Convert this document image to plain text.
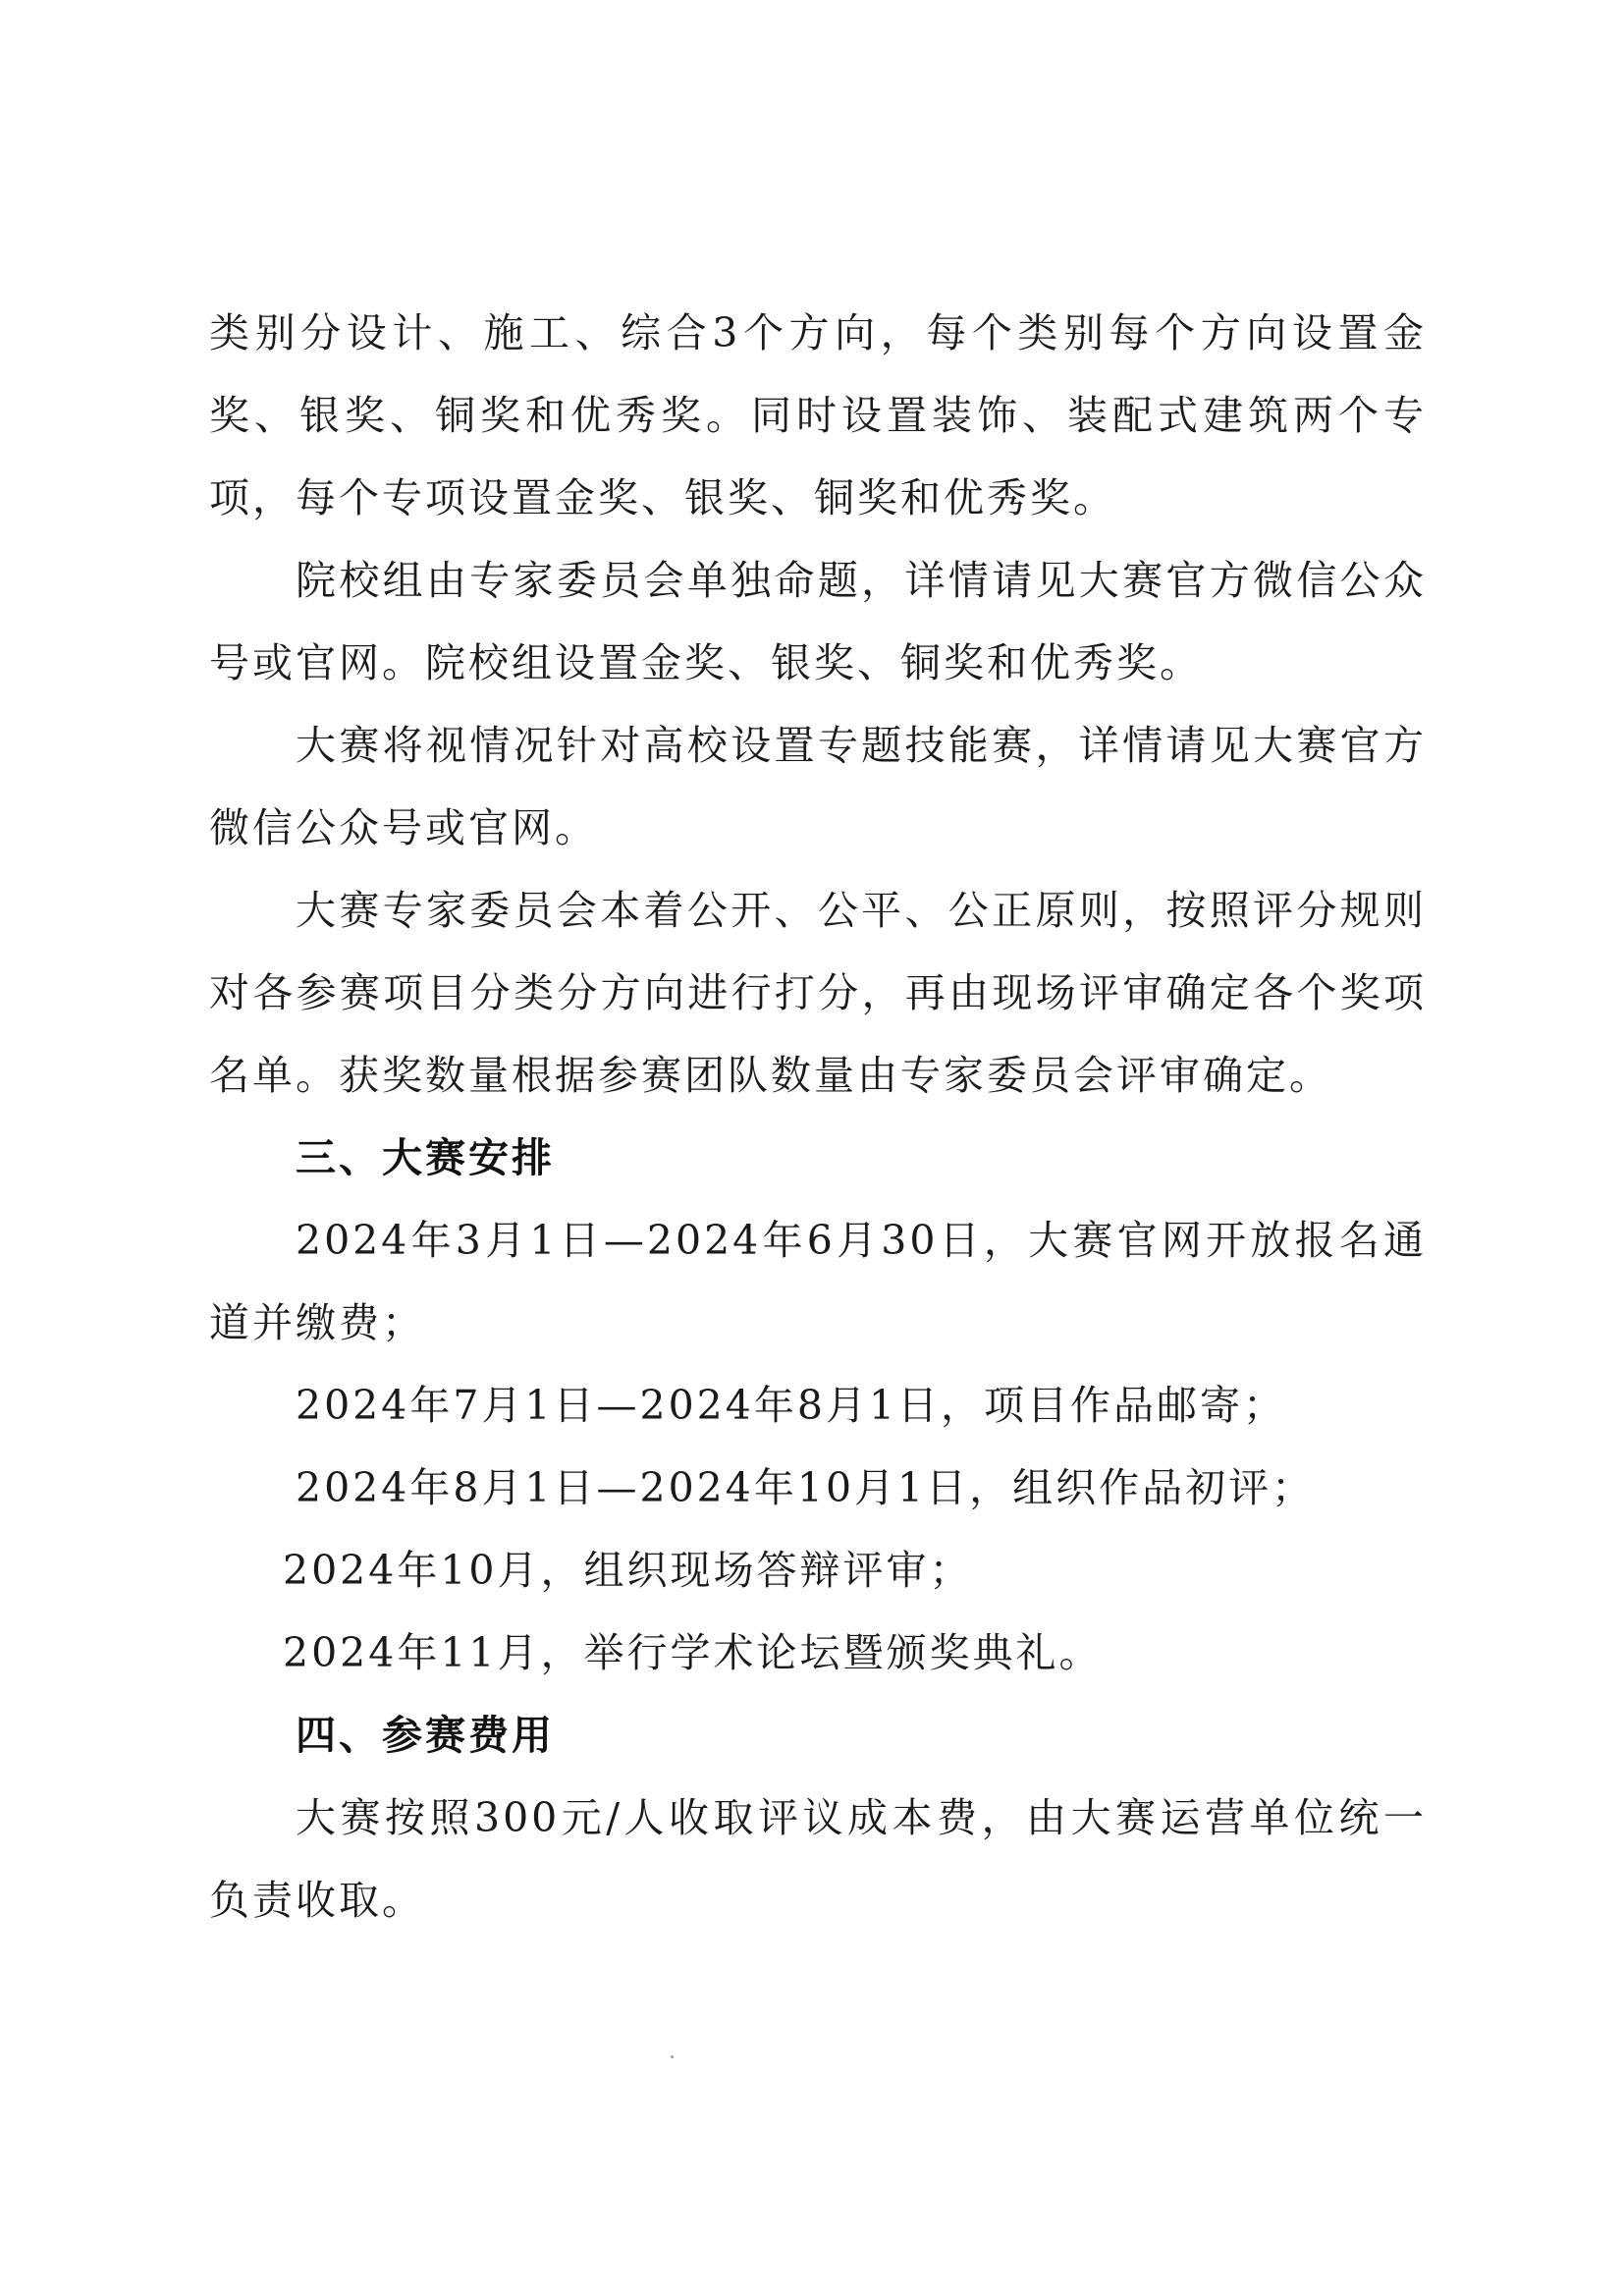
类别分设计、施工、综合3个方向，每个类别每个方向设置金奖、银奖、铜奖和优秀奖。同时设置装饰、装配式建筑两个专项，每个专项设置金奖、银奖、铜奖和优秀奖。

院校组由专家委员会单独命题，详情请见大赛官方微信公众号或官网。院校组设置金奖、银奖、铜奖和优秀奖。

大赛将视情况针对高校设置专题技能赛，详情请见大赛官方微信公众号或官网。

大赛专家委员会本着公开、公平、公正原则，按照评分规则对各参赛项目分类分方向进行打分，再由现场评审确定各个奖项名单。获奖数量根据参赛团队数量由专家委员会评审确定。

三、大赛安排

2024年3月1日—2024年6月30日，大赛官网开放报名通道并缴费；

2024年7月1日—2024年8月1日，项目作品邮寄；

2024年8月1日—2024年10月1日，组织作品初评；

2024年10月，组织现场答辩评审；

2024年11月，举行学术论坛暨颁奖典礼。

四、参赛费用

大赛按照300元/人收取评议成本费，由大赛运营单位统一负责收取。
